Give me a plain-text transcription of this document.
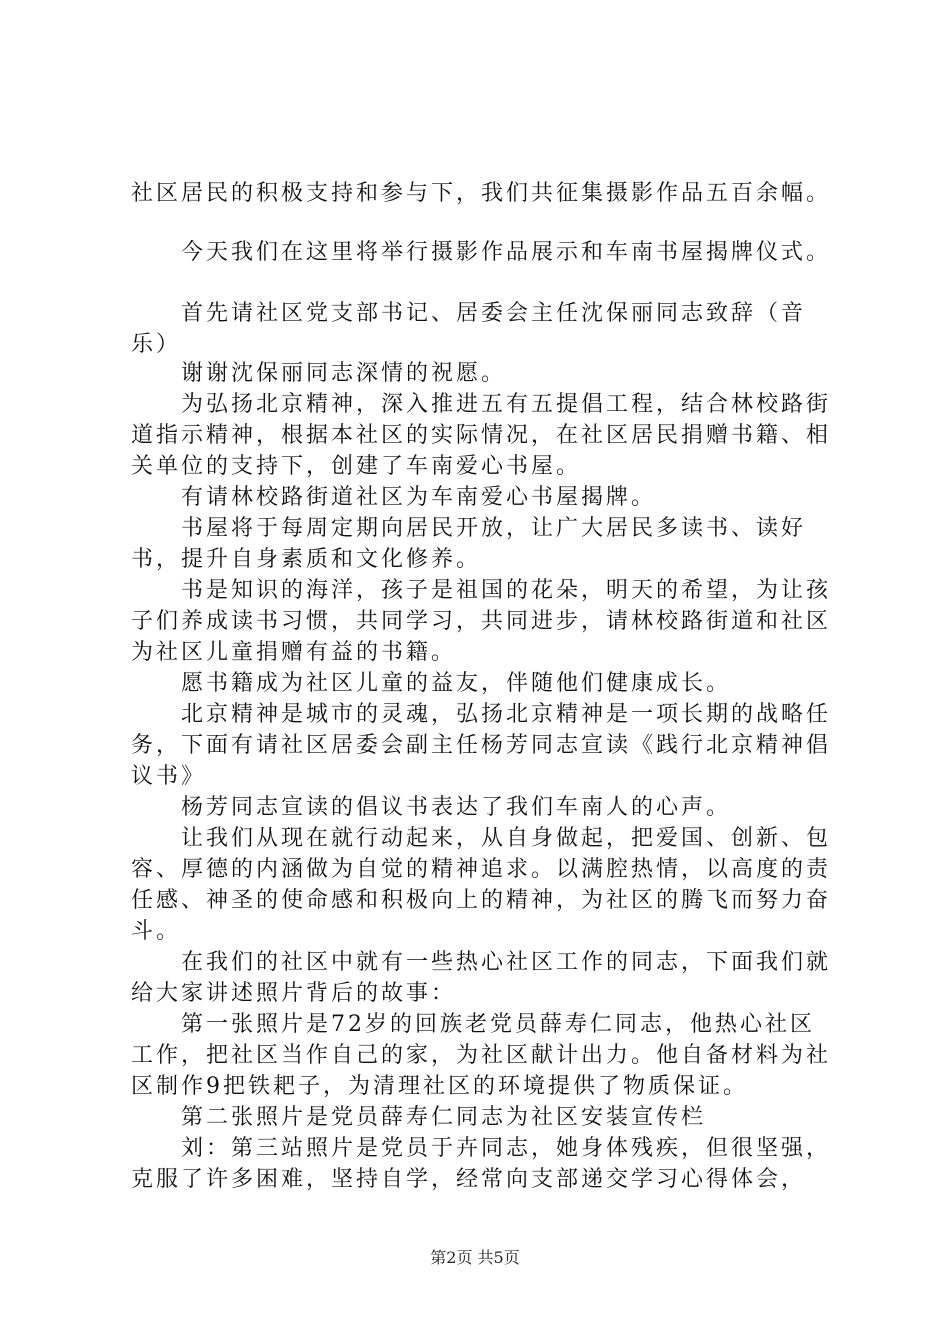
社区居民的积极支持和参与下，我们共征集摄影作品五百余幅。

今天我们在这里将举行摄影作品展示和车南书屋揭牌仪式。

首先请社区党支部书记、居委会主任沈保丽同志致辞（音乐）

谢谢沈保丽同志深情的祝愿。

为弘扬北京精神，深入推进五有五提倡工程，结合林校路街道指示精神，根据本社区的实际情况，在社区居民捐赠书籍、相关单位的支持下，创建了车南爱心书屋。

有请林校路街道社区为车南爱心书屋揭牌。

书屋将于每周定期向居民开放，让广大居民多读书、读好书，提升自身素质和文化修养。

书是知识的海洋，孩子是祖国的花朵，明天的希望，为让孩子们养成读书习惯，共同学习，共同进步，请林校路街道和社区为社区儿童捐赠有益的书籍。

愿书籍成为社区儿童的益友，伴随他们健康成长。

北京精神是城市的灵魂，弘扬北京精神是一项长期的战略任务，下面有请社区居委会副主任杨芳同志宣读《践行北京精神倡议书》

杨芳同志宣读的倡议书表达了我们车南人的心声。

让我们从现在就行动起来，从自身做起，把爱国、创新、包容、厚德的内涵做为自觉的精神追求。以满腔热情，以高度的责任感、神圣的使命感和积极向上的精神，为社区的腾飞而努力奋斗。

在我们的社区中就有一些热心社区工作的同志，下面我们就给大家讲述照片背后的故事：

第一张照片是72岁的回族老党员薛寿仁同志，他热心社区工作，把社区当作自己的家，为社区献计出力。他自备材料为社区制作9把铁耙子，为清理社区的环境提供了物质保证。

第二张照片是党员薛寿仁同志为社区安装宣传栏

刘：第三站照片是党员于卉同志，她身体残疾，但很坚强，克服了许多困难，坚持自学，经常向支部递交学习心得体会，

第2页 共5页
